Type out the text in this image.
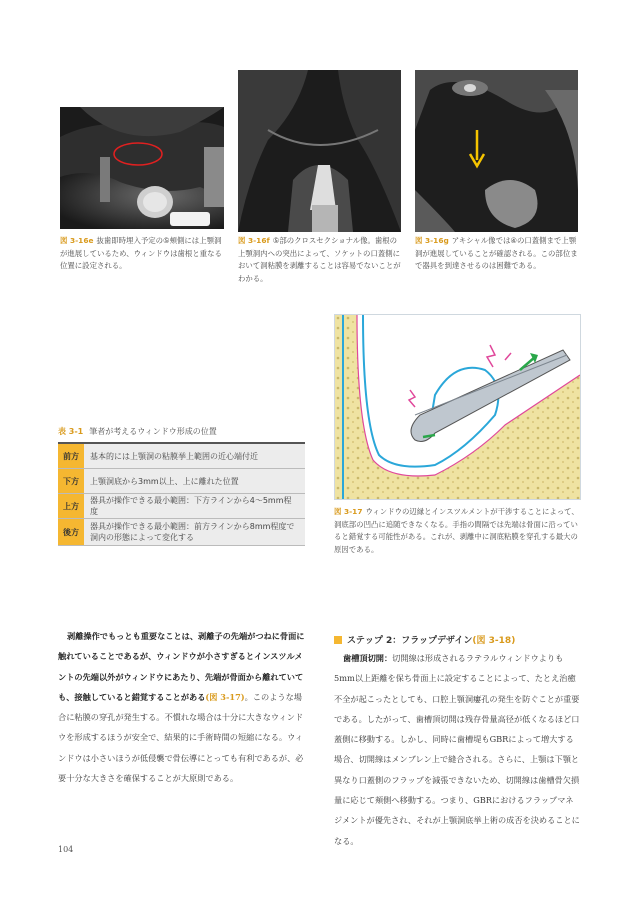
図 3-16e 抜歯即時埋入予定の⑤頬側には上顎洞が進展しているため、ウィンドウは歯根と重なる位置に設定される。
図 3-16f ⑤部のクロスセクショナル像。歯根の上顎洞内への突出によって、ソケットの口蓋側において洞粘膜を剥離することは容易でないことがわかる。
図 3-16g アキシャル像では④の口蓋側まで上顎洞が進展していることが確認される。この部位まで器具を到達させるのは困難である。
図 3-17 ウィンドウの辺縁とインスツルメントが干渉することによって、洞底部の凹凸に追随できなくなる。手指の間隔では先端は骨面に沿っていると錯覚する可能性がある。これが、剥離中に洞底粘膜を穿孔する最大の原因である。
表 3-1 筆者が考えるウィンドウ形成の位置
前方	基本的には上顎洞の粘膜挙上範囲の近心端付近
下方	上顎洞底から3mm以上、上に離れた位置
上方
器具が操作できる最小範囲：下方ラインから4～5mm程度
後方
器具が操作できる最小範囲：前方ラインから8mm程度で洞内の形態によって変化する
剥離操作でもっとも重要なことは、剥離子の先端がつねに骨面に触れていることであるが、ウィンドウが小さすぎるとインスツルメントの先端以外がウィンドウにあたり、先端が骨面から離れていても、接触していると錯覚することがある(図 3-17)。このような場合に粘膜の穿孔が発生する。不慣れな場合は十分に大きなウィンドウを形成するほうが安全で、結果的に手術時間の短縮になる。ウィンドウは小さいほうが低侵襲で骨伝導にとっても有利であるが、必要十分な大きさを確保することが大原則である。
ステップ 2：フラップデザイン(図 3-18)
歯槽頂切開：切開線は形成されるラテラルウィンドウよりも5mm以上距離を保ち骨面上に設定することによって、たとえ治癒不全が起こったとしても、口腔上顎洞瘻孔の発生を防ぐことが重要である。したがって、歯槽頂切開は残存骨量高径が低くなるほど口蓋側に移動する。しかし、同時に歯槽堤もGBRによって増大する場合、切開線はメンブレン上で縫合される。さらに、上顎は下顎と異なり口蓋側のフラップを減張できないため、切開線は歯槽骨欠損量に応じて頬側へ移動する。つまり、GBRにおけるフラップマネジメントが優先され、それが上顎洞底挙上術の成否を決めることになる。
104
